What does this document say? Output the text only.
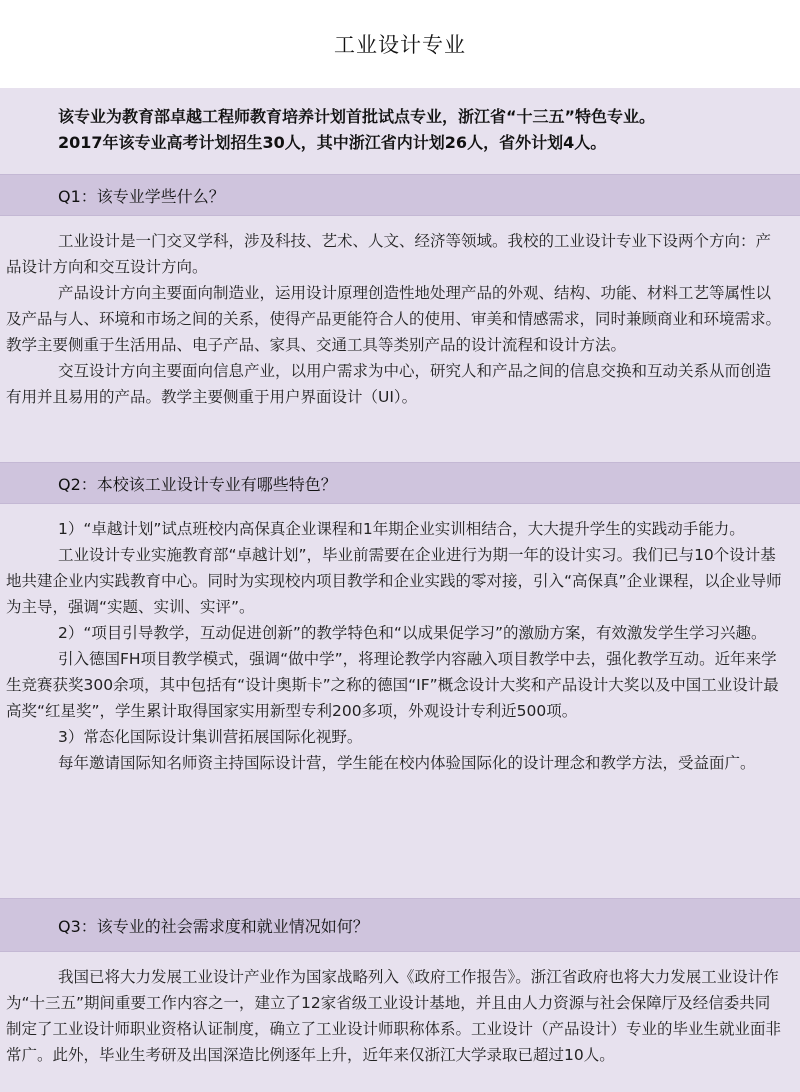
工业设计专业
该专业为教育部卓越工程师教育培养计划首批试点专业，浙江省“十三五”特色专业。
2017年该专业高考计划招生30人，其中浙江省内计划26人，省外计划4人。
Q1：该专业学些什么？

工业设计是一门交叉学科，涉及科技、艺术、人文、经济等领域。我校的工业设计专业下设两个方向：产品设计方向和交互设计方向。

产品设计方向主要面向制造业，运用设计原理创造性地处理产品的外观、结构、功能、材料工艺等属性以及产品与人、环境和市场之间的关系，使得产品更能符合人的使用、审美和情感需求，同时兼顾商业和环境需求。教学主要侧重于生活用品、电子产品、家具、交通工具等类别产品的设计流程和设计方法。

交互设计方向主要面向信息产业，以用户需求为中心，研究人和产品之间的信息交换和互动关系从而创造有用并且易用的产品。教学主要侧重于用户界面设计（UI）。

Q2：本校该工业设计专业有哪些特色？

1）“卓越计划”试点班校内高保真企业课程和1年期企业实训相结合，大大提升学生的实践动手能力。

工业设计专业实施教育部“卓越计划”，毕业前需要在企业进行为期一年的设计实习。我们已与10个设计基地共建企业内实践教育中心。同时为实现校内项目教学和企业实践的零对接，引入“高保真”企业课程，以企业导师为主导，强调“实题、实训、实评”。

2）“项目引导教学，互动促进创新”的教学特色和“以成果促学习”的激励方案，有效激发学生学习兴趣。

引入德国FH项目教学模式，强调“做中学”，将理论教学内容融入项目教学中去，强化教学互动。近年来学生竞赛获奖300余项，其中包括有“设计奥斯卡”之称的德国“IF”概念设计大奖和产品设计大奖以及中国工业设计最高奖“红星奖”，学生累计取得国家实用新型专利200多项，外观设计专利近500项。

3）常态化国际设计集训营拓展国际化视野。

每年邀请国际知名师资主持国际设计营，学生能在校内体验国际化的设计理念和教学方法，受益面广。

Q3：该专业的社会需求度和就业情况如何？

我国已将大力发展工业设计产业作为国家战略列入《政府工作报告》。浙江省政府也将大力发展工业设计作为“十三五”期间重要工作内容之一，建立了12家省级工业设计基地，并且由人力资源与社会保障厅及经信委共同制定了工业设计师职业资格认证制度，确立了工业设计师职称体系。工业设计（产品设计）专业的毕业生就业面非常广。此外，毕业生考研及出国深造比例逐年上升，近年来仅浙江大学录取已超过10人。
